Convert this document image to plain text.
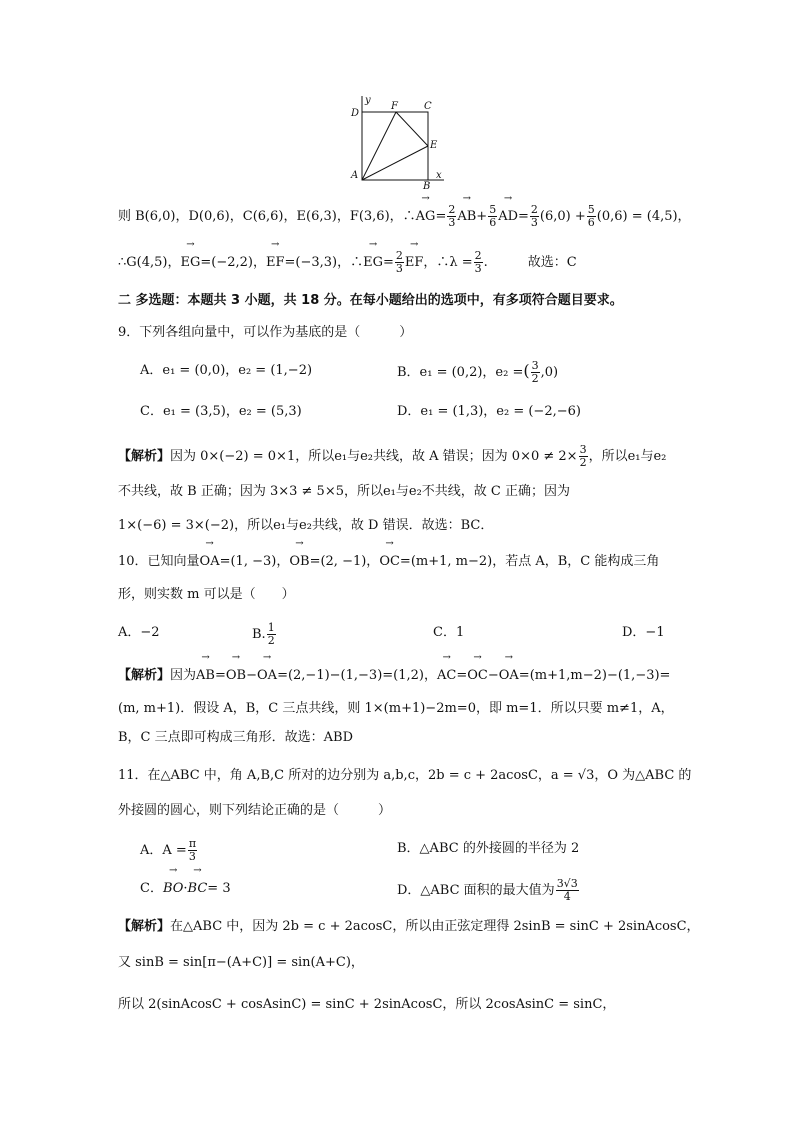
y
D
F	C
E
A
B
x
则 B(6,0)，D(0,6)，C(6,6)，E(6,3)，F(3,6)，∴→ $AG= \frac{2}{3}$
→ $AB+ \frac{5}{6}$
→ $AD= \frac{2}{3} (6,0) + \frac{5}{6} (0,6) = (4,5)$，
∴G(4,5)，→ EG=(−2,2)，→ EF=(−3,3)，∴→ $EG= \frac{2}{3}$
→ EF，∴λ = $\frac{2}{3}$ .	故选：C
二 多选题：本题共 3 小题，共 18 分。在每小题给出的选项中，有多项符合题目要求。
9．下列各组向量中，可以作为基底的是（　　　）
A．e₁ = (0,0)，e₂ = (1,−2)	B．e₁ = (0,2)，e₂ =( $\frac{3}{2} ,0$)
C．e₁ = (3,5)，e₂ = (5,3)	D．e₁ = (1,3)，e₂ = (−2,−6)
【解析】因为 0×(−2) = 0×1，所以e₁与e₂共线，故 A 错误；因为 $0\times 0 \ne 2\times \frac{3}{2}$ ，所以e₁与e₂
不共线，故 B 正确；因为 3×3 ≠ 5×5，所以e₁与e₂不共线，故 C 正确；因为
1×(−6) = 3×(−2)，所以e₁与e₂共线，故 D 错误．故选：BC．
10．已知向量→ OA=(1, −3)，→ OB=(2, −1)，→ OC=(m+1, m−2)，若点 A，B，C 能构成三角
形，则实数 m 可以是（　　）
A．−2	B. $\frac{1}{2}$	C．1	D．−1
【解析】因为→ AB=→ OB−→ OA=(2,−1)−(1,−3)=(1,2)，→ AC=→ OC−→ OA=(m+1,m−2)−(1,−3)=
(m, m+1)．假设 A，B，C 三点共线，则 1×(m+1)−2m=0，即 m=1．所以只要 m≠1，A，
B，C 三点即可构成三角形．故选：ABD
11．在△ABC 中，角 A,B,C 所对的边分别为 a,b,c，2b = c + 2acosC，a = √3，O 为△ABC 的
外接圆的圆心，则下列结论正确的是（　　　）
A．$A = \frac{\pi}{3}$	B．△ABC 的外接圆的半径为 2
C．→ BO·→ BC= 3	D．△ABC 面积的最大值为 $\frac{3√3}{4}$
【解析】在△ABC 中，因为 2b = c + 2acosC，所以由正弦定理得 2sinB = sinC + 2sinAcosC，
又 sinB = sin[π−(A+C)] = sin(A+C)，
所以 2(sinAcosC + cosAsinC) = sinC + 2sinAcosC，所以 2cosAsinC = sinC，
